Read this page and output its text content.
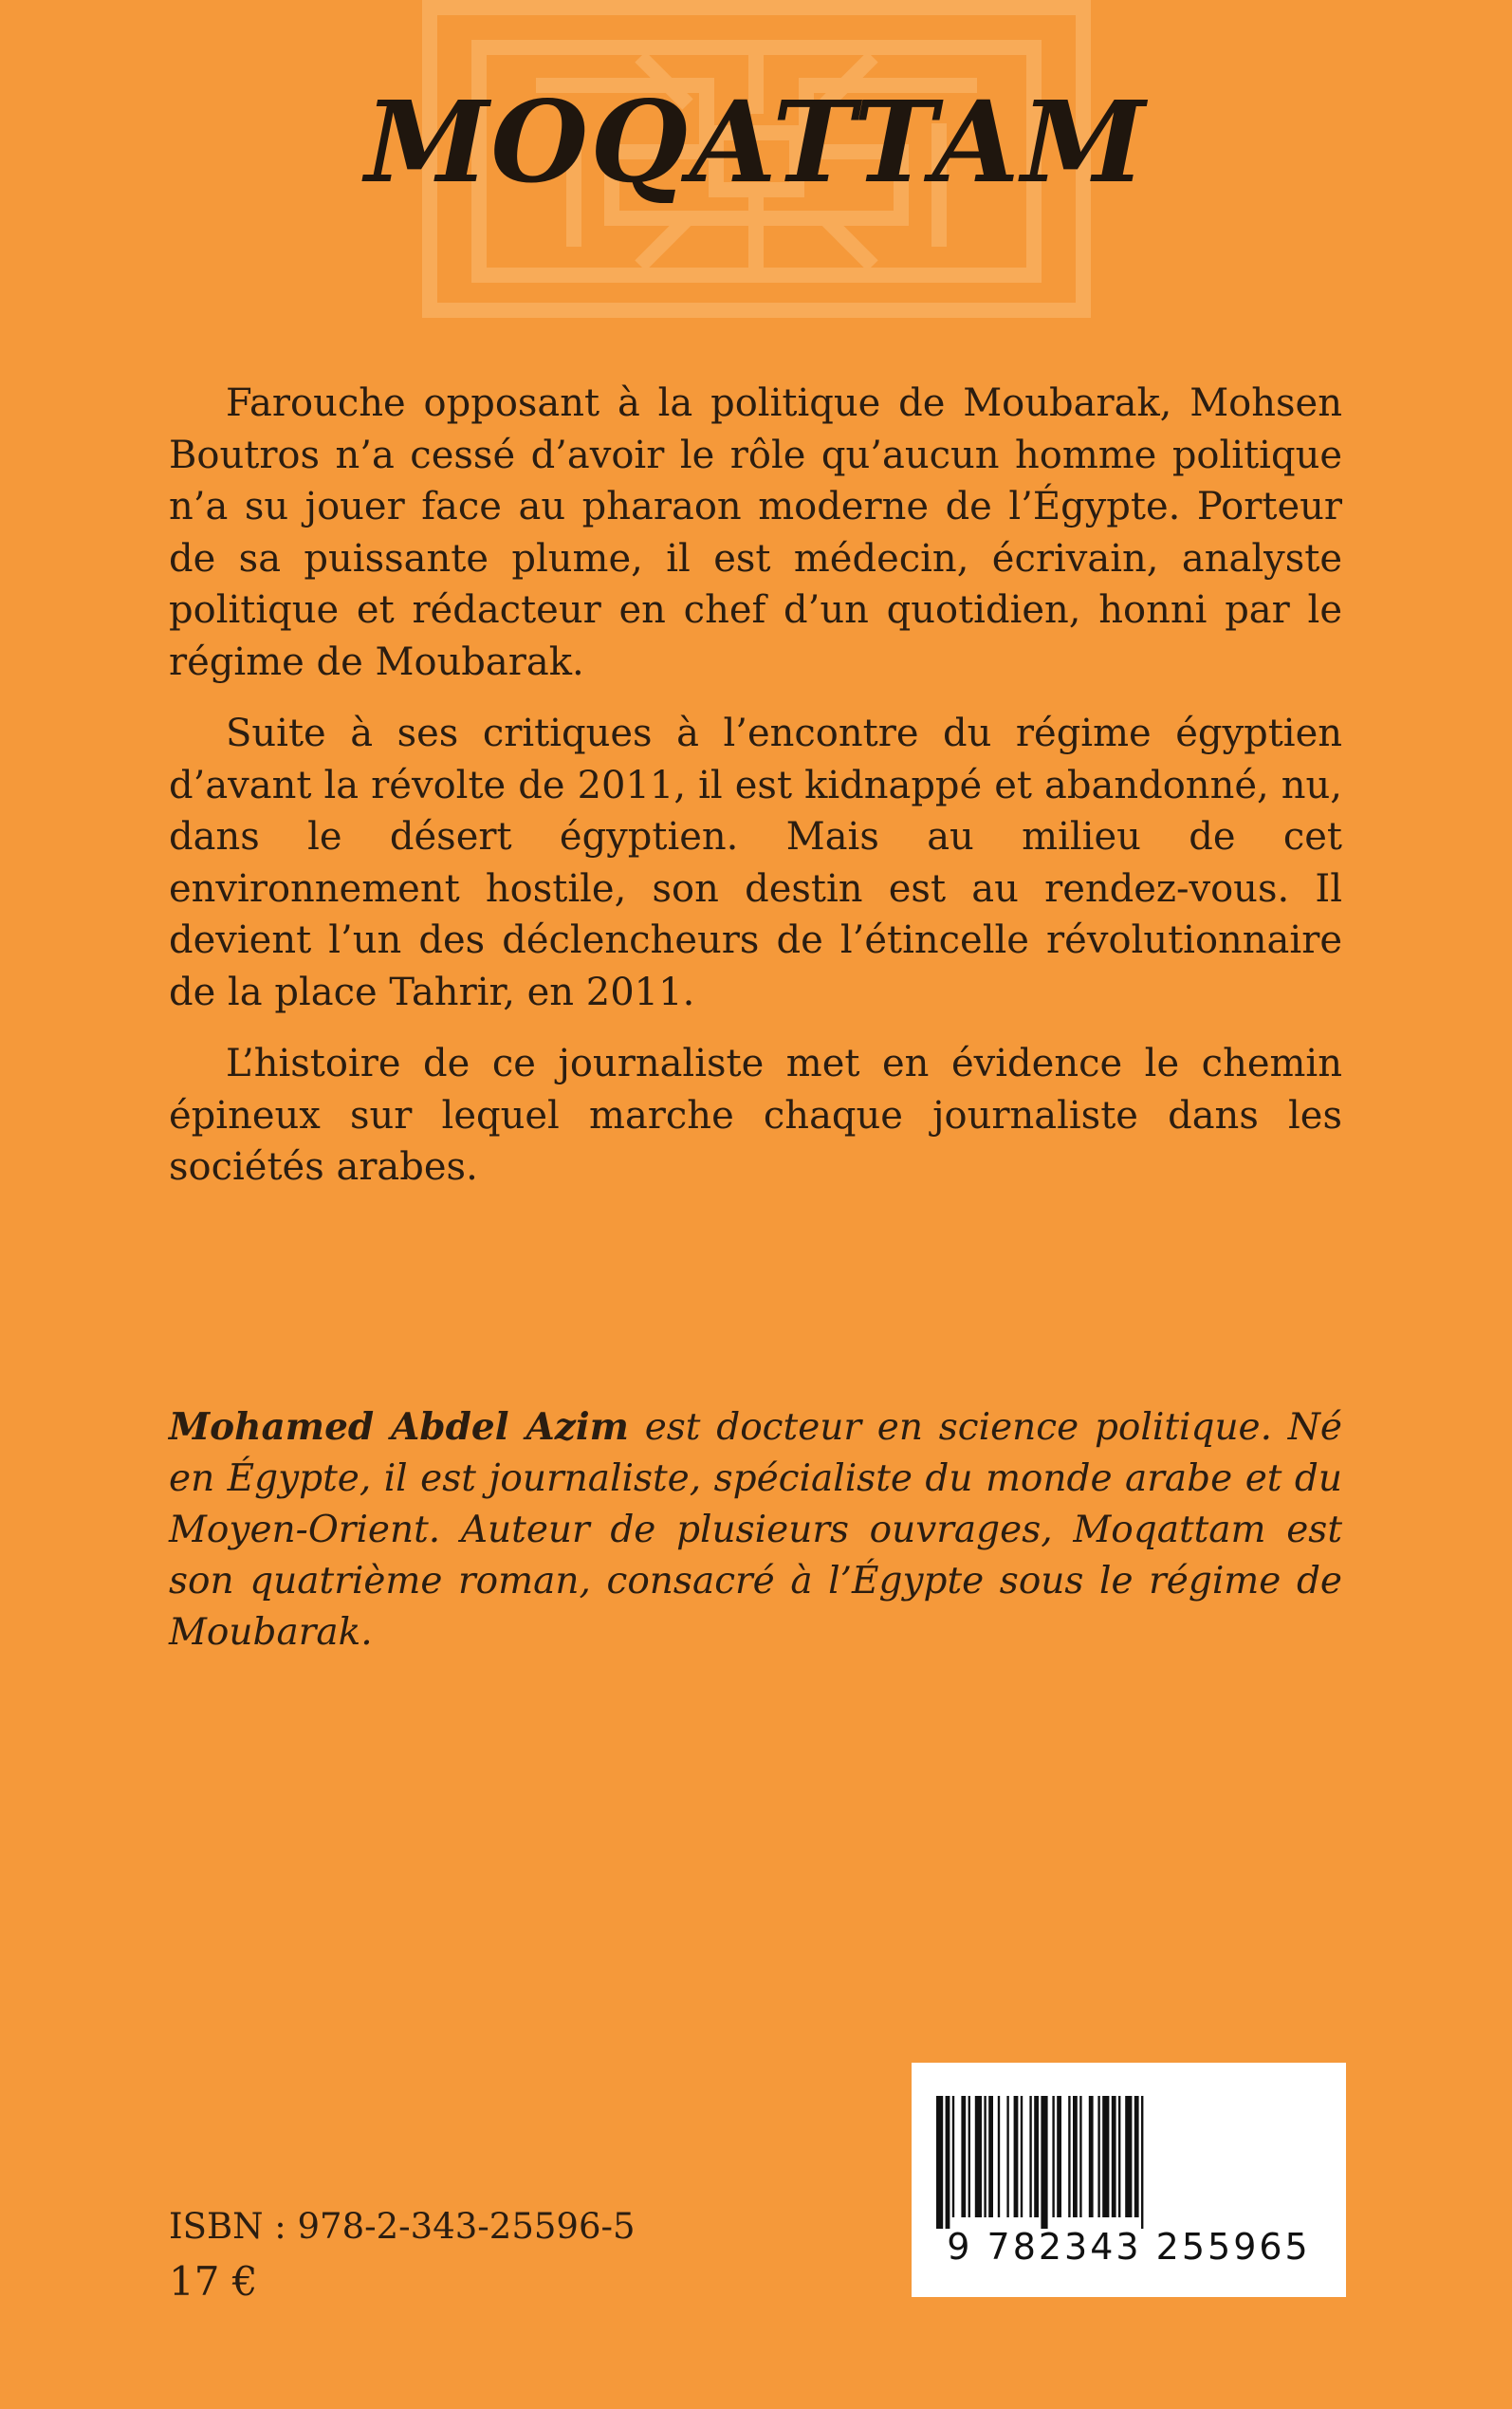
MOQATTAM

Farouche opposant à la politique de Moubarak, Mohsen Boutros n’a cessé d’avoir le rôle qu’aucun homme politique n’a su jouer face au pharaon moderne de l’Égypte. Porteur de sa puissante plume, il est médecin, écrivain, analyste politique et rédacteur en chef d’un quotidien, honni par le régime de Moubarak.

Suite à ses critiques à l’encontre du régime égyptien d’avant la révolte de 2011, il est kidnappé et abandonné, nu, dans le désert égyptien. Mais au milieu de cet environnement hostile, son destin est au rendez-vous. Il devient l’un des déclencheurs de l’étincelle révolutionnaire de la place Tahrir, en 2011.

L’histoire de ce journaliste met en évidence le chemin épineux sur lequel marche chaque journaliste dans les sociétés arabes.

Mohamed Abdel Azim est docteur en science politique. Né en Égypte, il est journaliste, spécialiste du monde arabe et du Moyen-Orient. Auteur de plusieurs ouvrages, Moqattam est son quatrième roman, consacré à l’Égypte sous le régime de Moubarak.

9 782343 255965

ISBN : 978-2-343-25596-5

17 €
